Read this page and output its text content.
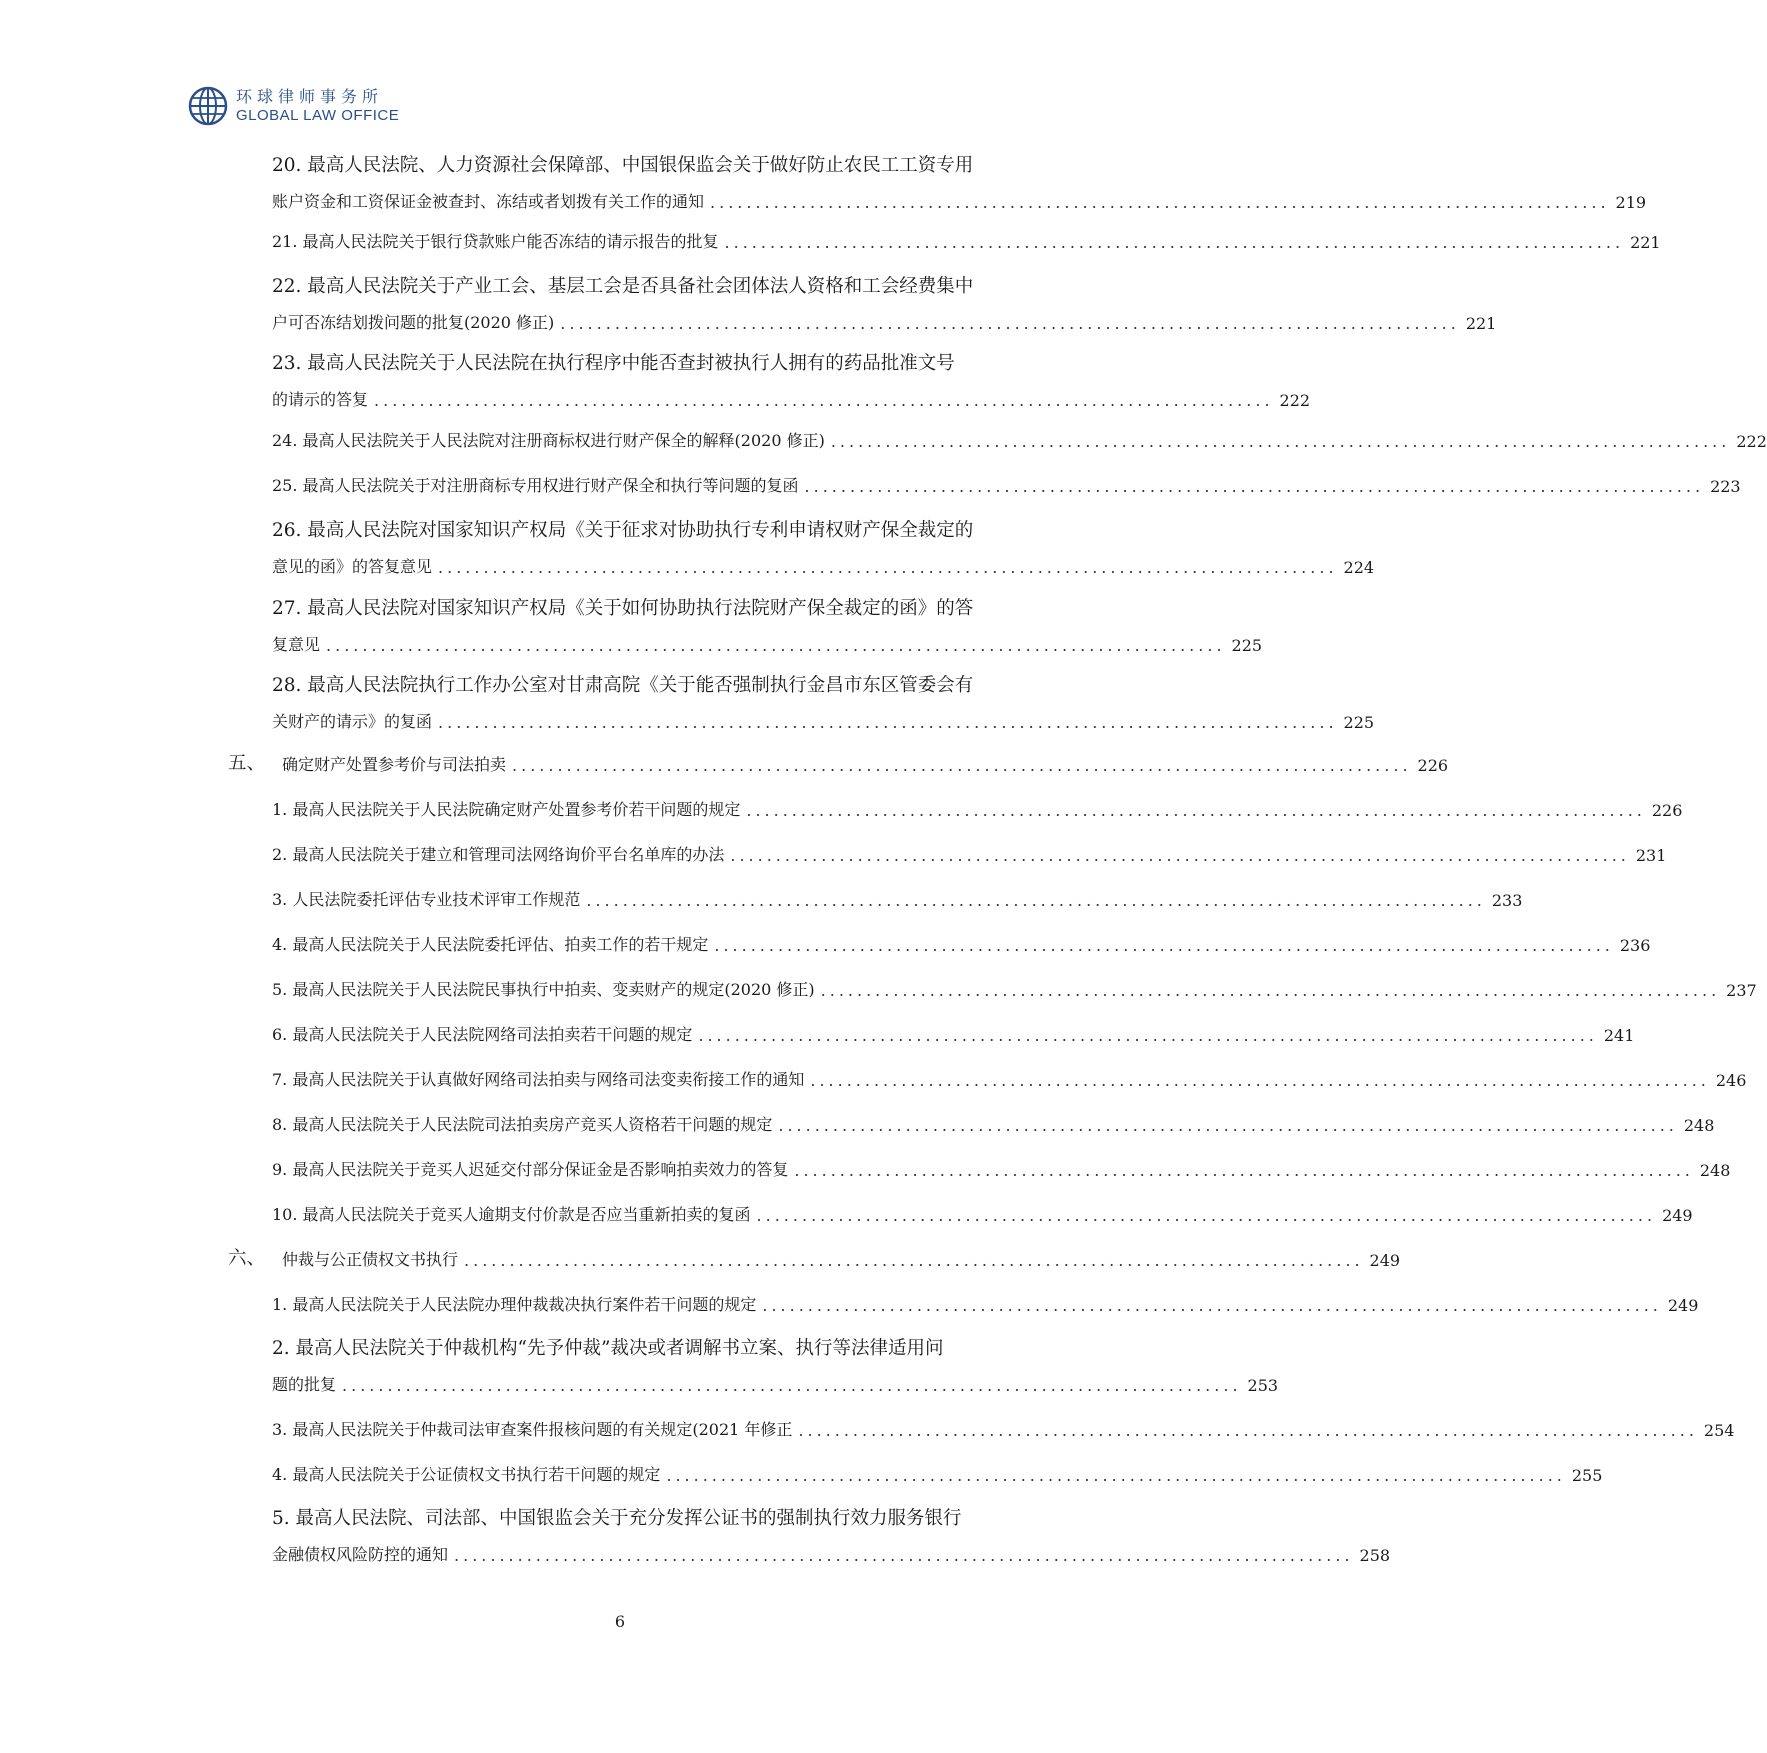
环球律师事务所
GLOBAL LAW OFFICE
20. 最高人民法院、人力资源社会保障部、中国银保监会关于做好防止农民工工资专用
账户资金和工资保证金被查封、冻结或者划拨有关工作的通知 ................................................................................................... 219
21. 最高人民法院关于银行贷款账户能否冻结的请示报告的批复 ................................................................................................... 221
22. 最高人民法院关于产业工会、基层工会是否具备社会团体法人资格和工会经费集中
户可否冻结划拨问题的批复(2020 修正) ................................................................................................... 221
23. 最高人民法院关于人民法院在执行程序中能否查封被执行人拥有的药品批准文号
的请示的答复 ................................................................................................... 222
24. 最高人民法院关于人民法院对注册商标权进行财产保全的解释(2020 修正) ................................................................................................... 222
25. 最高人民法院关于对注册商标专用权进行财产保全和执行等问题的复函 ................................................................................................... 223
26. 最高人民法院对国家知识产权局《关于征求对协助执行专利申请权财产保全裁定的
意见的函》的答复意见 ................................................................................................... 224
27. 最高人民法院对国家知识产权局《关于如何协助执行法院财产保全裁定的函》的答
复意见 ................................................................................................... 225
28. 最高人民法院执行工作办公室对甘肃高院《关于能否强制执行金昌市东区管委会有
关财产的请示》的复函 ................................................................................................... 225
五、 确定财产处置参考价与司法拍卖 ................................................................................................... 226
1. 最高人民法院关于人民法院确定财产处置参考价若干问题的规定 ................................................................................................... 226
2. 最高人民法院关于建立和管理司法网络询价平台名单库的办法 ................................................................................................... 231
3. 人民法院委托评估专业技术评审工作规范 ................................................................................................... 233
4. 最高人民法院关于人民法院委托评估、拍卖工作的若干规定 ................................................................................................... 236
5. 最高人民法院关于人民法院民事执行中拍卖、变卖财产的规定(2020 修正) ................................................................................................... 237
6. 最高人民法院关于人民法院网络司法拍卖若干问题的规定 ................................................................................................... 241
7. 最高人民法院关于认真做好网络司法拍卖与网络司法变卖衔接工作的通知 ................................................................................................... 246
8. 最高人民法院关于人民法院司法拍卖房产竞买人资格若干问题的规定 ................................................................................................... 248
9. 最高人民法院关于竞买人迟延交付部分保证金是否影响拍卖效力的答复 ................................................................................................... 248
10. 最高人民法院关于竞买人逾期支付价款是否应当重新拍卖的复函 ................................................................................................... 249
六、 仲裁与公正债权文书执行 ................................................................................................... 249
1. 最高人民法院关于人民法院办理仲裁裁决执行案件若干问题的规定 ................................................................................................... 249
2. 最高人民法院关于仲裁机构“先予仲裁”裁决或者调解书立案、执行等法律适用问
题的批复 ................................................................................................... 253
3. 最高人民法院关于仲裁司法审查案件报核问题的有关规定(2021 年修正 ................................................................................................... 254
4. 最高人民法院关于公证债权文书执行若干问题的规定 ................................................................................................... 255
5. 最高人民法院、司法部、中国银监会关于充分发挥公证书的强制执行效力服务银行
金融债权风险防控的通知 ................................................................................................... 258
6
